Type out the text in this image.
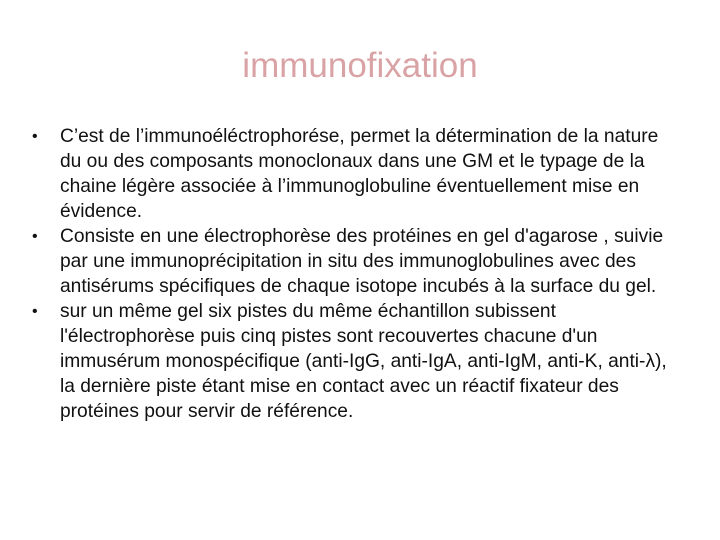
immunofixation
• C’est de l’immunoéléctrophorése, permet la détermination de la nature du ou des composants monoclonaux dans une GM et le typage de la chaine légère associée à l’immunoglobuline éventuellement mise en évidence.
• Consiste en une électrophorèse des protéines en gel d'agarose , suivie par une immunoprécipitation in situ des immunoglobulines avec des antisérums spécifiques de chaque isotope incubés à la surface du gel.
• sur un même gel six pistes du même échantillon subissent l'électrophorèse puis cinq pistes sont recouvertes chacune d'un immusérum monospécifique (anti-IgG, anti-IgA, anti-IgM, anti-K, anti-λ), la dernière piste étant mise en contact avec un réactif fixateur des protéines pour servir de référence.
